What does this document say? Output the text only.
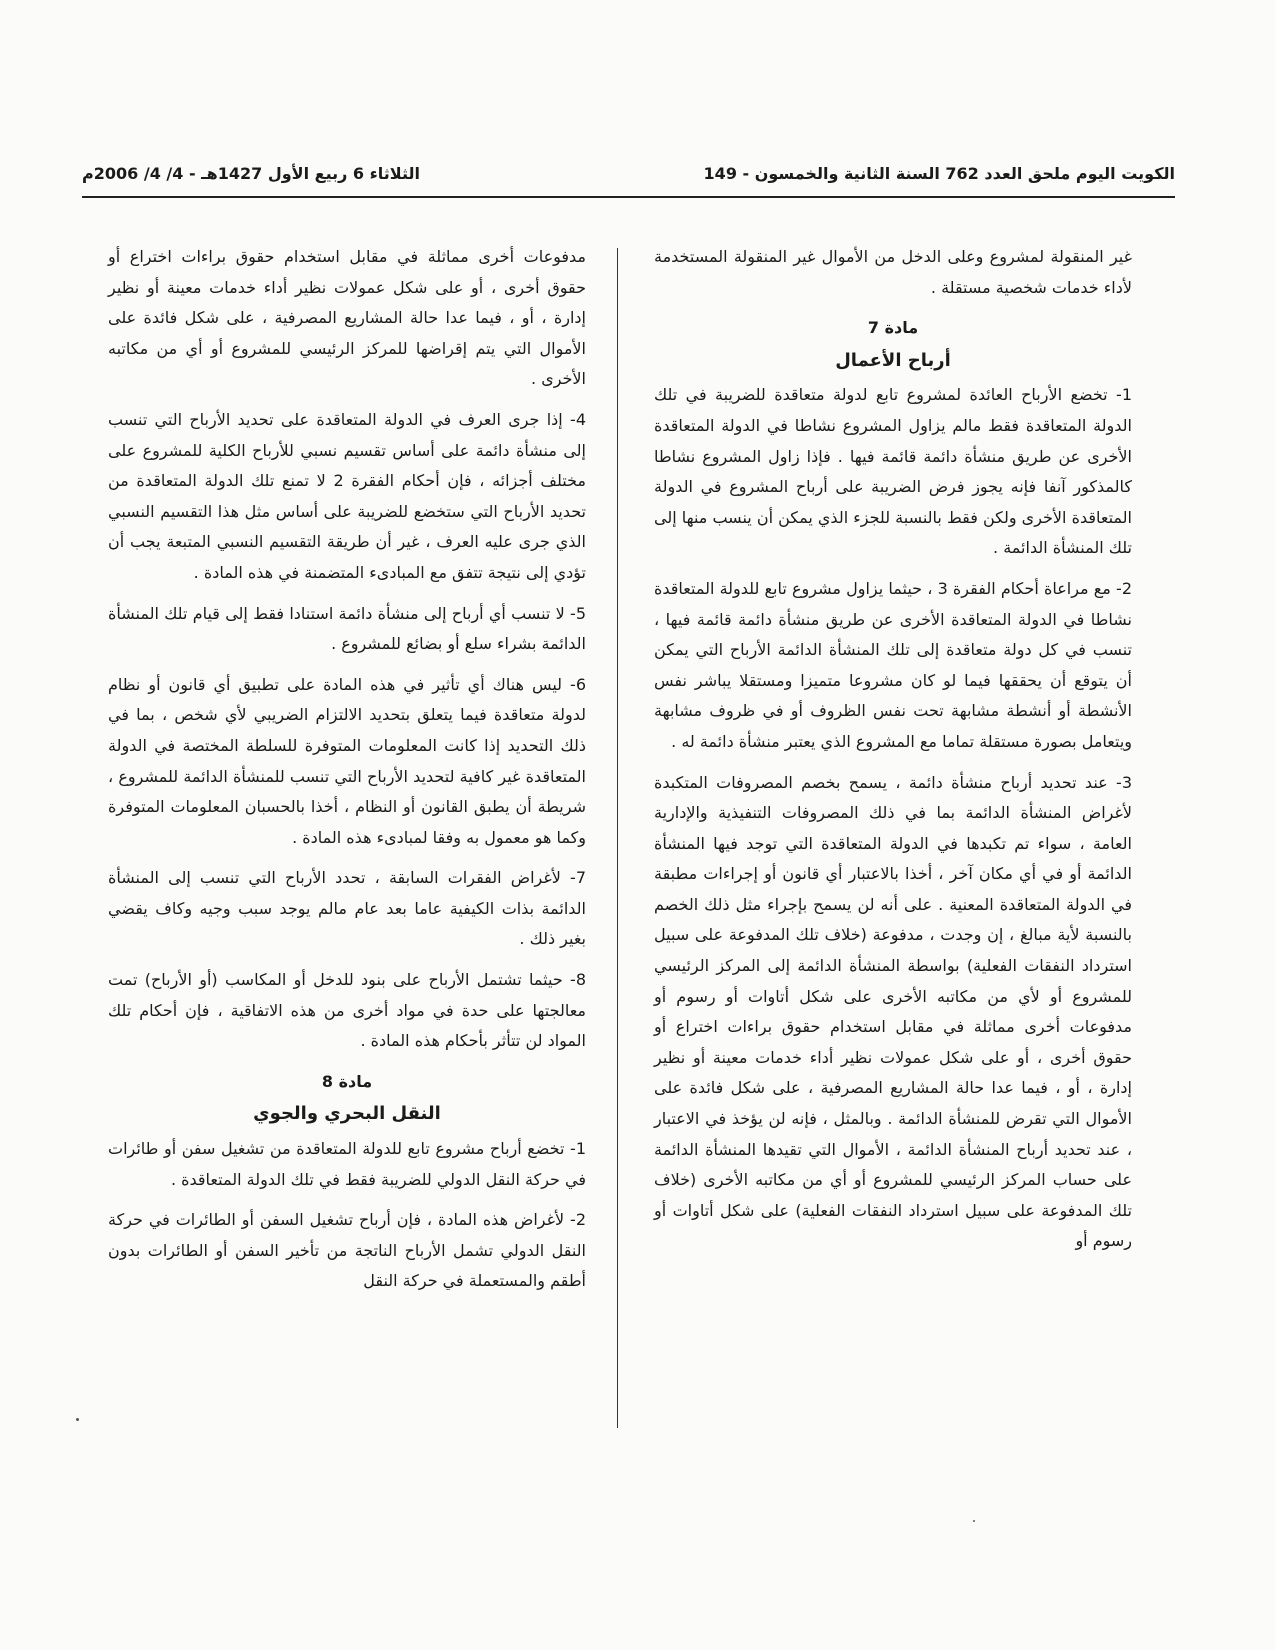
الكويت اليوم ملحق العدد 762 السنة الثانية والخمسون - 149
الثلاثاء 6 ربيع الأول 1427هـ - 4/ 4/ 2006م

غير المنقولة لمشروع وعلى الدخل من الأموال غير المنقولة المستخدمة لأداء خدمات شخصية مستقلة .

مادة 7
أرباح الأعمال

1- تخضع الأرباح العائدة لمشروع تابع لدولة متعاقدة للضريبة في تلك الدولة المتعاقدة فقط مالم يزاول المشروع نشاطا في الدولة المتعاقدة الأخرى عن طريق منشأة دائمة قائمة فيها . فإذا زاول المشروع نشاطا كالمذكور آنفا فإنه يجوز فرض الضريبة على أرباح المشروع في الدولة المتعاقدة الأخرى ولكن فقط بالنسبة للجزء الذي يمكن أن ينسب منها إلى تلك المنشأة الدائمة .

2- مع مراعاة أحكام الفقرة 3 ، حيثما يزاول مشروع تابع للدولة المتعاقدة نشاطا في الدولة المتعاقدة الأخرى عن طريق منشأة دائمة قائمة فيها ، تنسب في كل دولة متعاقدة إلى تلك المنشأة الدائمة الأرباح التي يمكن أن يتوقع أن يحققها فيما لو كان مشروعا متميزا ومستقلا يباشر نفس الأنشطة أو أنشطة مشابهة تحت نفس الظروف أو في ظروف مشابهة ويتعامل بصورة مستقلة تماما مع المشروع الذي يعتبر منشأة دائمة له .

3- عند تحديد أرباح منشأة دائمة ، يسمح بخصم المصروفات المتكبدة لأغراض المنشأة الدائمة بما في ذلك المصروفات التنفيذية والإدارية العامة ، سواء تم تكبدها في الدولة المتعاقدة التي توجد فيها المنشأة الدائمة أو في أي مكان آخر ، أخذا بالاعتبار أي قانون أو إجراءات مطبقة في الدولة المتعاقدة المعنية . على أنه لن يسمح بإجراء مثل ذلك الخصم بالنسبة لأية مبالغ ، إن وجدت ، مدفوعة (خلاف تلك المدفوعة على سبيل استرداد النفقات الفعلية) بواسطة المنشأة الدائمة إلى المركز الرئيسي للمشروع أو لأي من مكاتبه الأخرى على شكل أتاوات أو رسوم أو مدفوعات أخرى مماثلة في مقابل استخدام حقوق براءات اختراع أو حقوق أخرى ، أو على شكل عمولات نظير أداء خدمات معينة أو نظير إدارة ، أو ، فيما عدا حالة المشاريع المصرفية ، على شكل فائدة على الأموال التي تقرض للمنشأة الدائمة . وبالمثل ، فإنه لن يؤخذ في الاعتبار ، عند تحديد أرباح المنشأة الدائمة ، الأموال التي تقيدها المنشأة الدائمة على حساب المركز الرئيسي للمشروع أو أي من مكاتبه الأخرى (خلاف تلك المدفوعة على سبيل استرداد النفقات الفعلية) على شكل أتاوات أو رسوم أو

مدفوعات أخرى مماثلة في مقابل استخدام حقوق براءات اختراع أو حقوق أخرى ، أو على شكل عمولات نظير أداء خدمات معينة أو نظير إدارة ، أو ، فيما عدا حالة المشاريع المصرفية ، على شكل فائدة على الأموال التي يتم إقراضها للمركز الرئيسي للمشروع أو أي من مكاتبه الأخرى .

4- إذا جرى العرف في الدولة المتعاقدة على تحديد الأرباح التي تنسب إلى منشأة دائمة على أساس تقسيم نسبي للأرباح الكلية للمشروع على مختلف أجزائه ، فإن أحكام الفقرة 2 لا تمنع تلك الدولة المتعاقدة من تحديد الأرباح التي ستخضع للضريبة على أساس مثل هذا التقسيم النسبي الذي جرى عليه العرف ، غير أن طريقة التقسيم النسبي المتبعة يجب أن تؤدي إلى نتيجة تتفق مع المبادىء المتضمنة في هذه المادة .

5- لا تنسب أي أرباح إلى منشأة دائمة استنادا فقط إلى قيام تلك المنشأة الدائمة بشراء سلع أو بضائع للمشروع .

6- ليس هناك أي تأثير في هذه المادة على تطبيق أي قانون أو نظام لدولة متعاقدة فيما يتعلق بتحديد الالتزام الضريبي لأي شخص ، بما في ذلك التحديد إذا كانت المعلومات المتوفرة للسلطة المختصة في الدولة المتعاقدة غير كافية لتحديد الأرباح التي تنسب للمنشأة الدائمة للمشروع ، شريطة أن يطبق القانون أو النظام ، أخذا بالحسبان المعلومات المتوفرة وكما هو معمول به وفقا لمبادىء هذه المادة .

7- لأغراض الفقرات السابقة ، تحدد الأرباح التي تنسب إلى المنشأة الدائمة بذات الكيفية عاما بعد عام مالم يوجد سبب وجيه وكاف يقضي بغير ذلك .

8- حيثما تشتمل الأرباح على بنود للدخل أو المكاسب (أو الأرباح) تمت معالجتها على حدة في مواد أخرى من هذه الاتفاقية ، فإن أحكام تلك المواد لن تتأثر بأحكام هذه المادة .

مادة 8
النقل البحري والجوي

1- تخضع أرباح مشروع تابع للدولة المتعاقدة من تشغيل سفن أو طائرات في حركة النقل الدولي للضريبة فقط في تلك الدولة المتعاقدة .

2- لأغراض هذه المادة ، فإن أرباح تشغيل السفن أو الطائرات في حركة النقل الدولي تشمل الأرباح الناتجة من تأخير السفن أو الطائرات بدون أطقم والمستعملة في حركة النقل
